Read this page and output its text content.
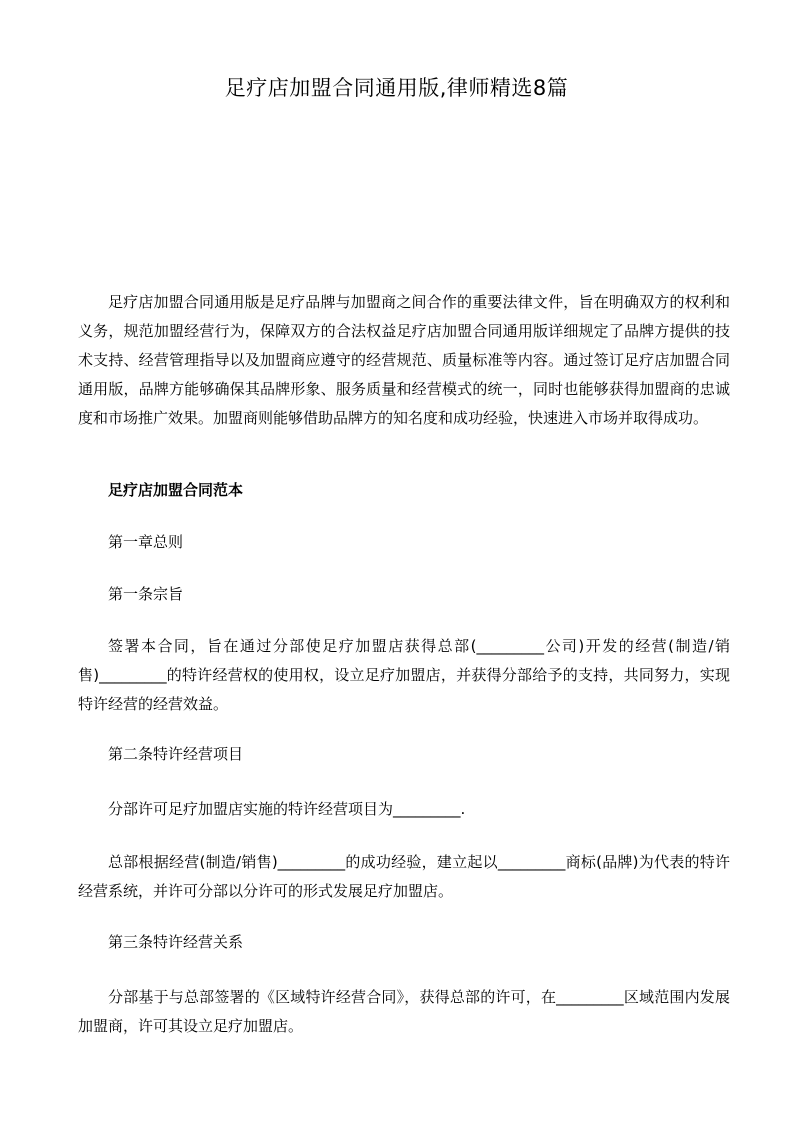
足疗店加盟合同通用版,律师精选8篇

足疗店加盟合同通用版是足疗品牌与加盟商之间合作的重要法律文件，旨在明确双方的权利和义务，规范加盟经营行为，保障双方的合法权益足疗店加盟合同通用版详细规定了品牌方提供的技术支持、经营管理指导以及加盟商应遵守的经营规范、质量标准等内容。通过签订足疗店加盟合同通用版，品牌方能够确保其品牌形象、服务质量和经营模式的统一，同时也能够获得加盟商的忠诚度和市场推广效果。加盟商则能够借助品牌方的知名度和成功经验，快速进入市场并取得成功。

足疗店加盟合同范本

第一章总则

第一条宗旨

签署本合同，旨在通过分部使足疗加盟店获得总部(_________公司)开发的经营(制造/销售)_________的特许经营权的使用权，设立足疗加盟店，并获得分部给予的支持，共同努力，实现特许经营的经营效益。

第二条特许经营项目

分部许可足疗加盟店实施的特许经营项目为_________.

总部根据经营(制造/销售)_________的成功经验，建立起以_________商标(品牌)为代表的特许经营系统，并许可分部以分许可的形式发展足疗加盟店。

第三条特许经营关系

分部基于与总部签署的《区域特许经营合同》，获得总部的许可，在_________区域范围内发展加盟商，许可其设立足疗加盟店。
